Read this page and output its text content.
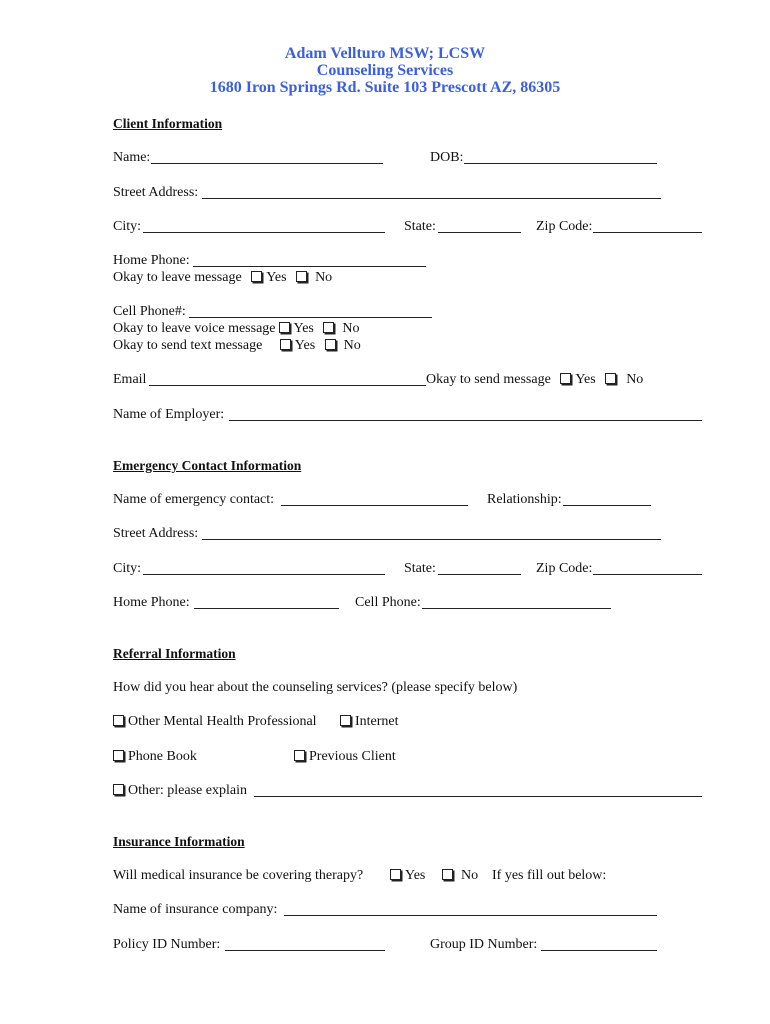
Adam Vellturo MSW; LCSW
Counseling Services
1680 Iron Springs Rd. Suite 103 Prescott AZ, 86305
Client Information
Name:	DOB:
Street Address:
City:	State:	Zip Code:
Home Phone:
Okay to leave message Yes No
Cell Phone#:
Okay to leave voice message Yes No
Okay to send text message Yes No
Email	Okay to send message Yes No
Name of Employer:
Emergency Contact Information
Name of emergency contact:	Relationship:
Street Address:
City:	State:	Zip Code:
Home Phone:	Cell Phone:
Referral Information
How did you hear about the counseling services? (please specify below)
Other Mental Health Professional	Internet
Phone Book	Previous Client
Other: please explain
Insurance Information
Will medical insurance be covering therapy?	Yes	No If yes fill out below:
Name of insurance company:
Policy ID Number:	Group ID Number:
